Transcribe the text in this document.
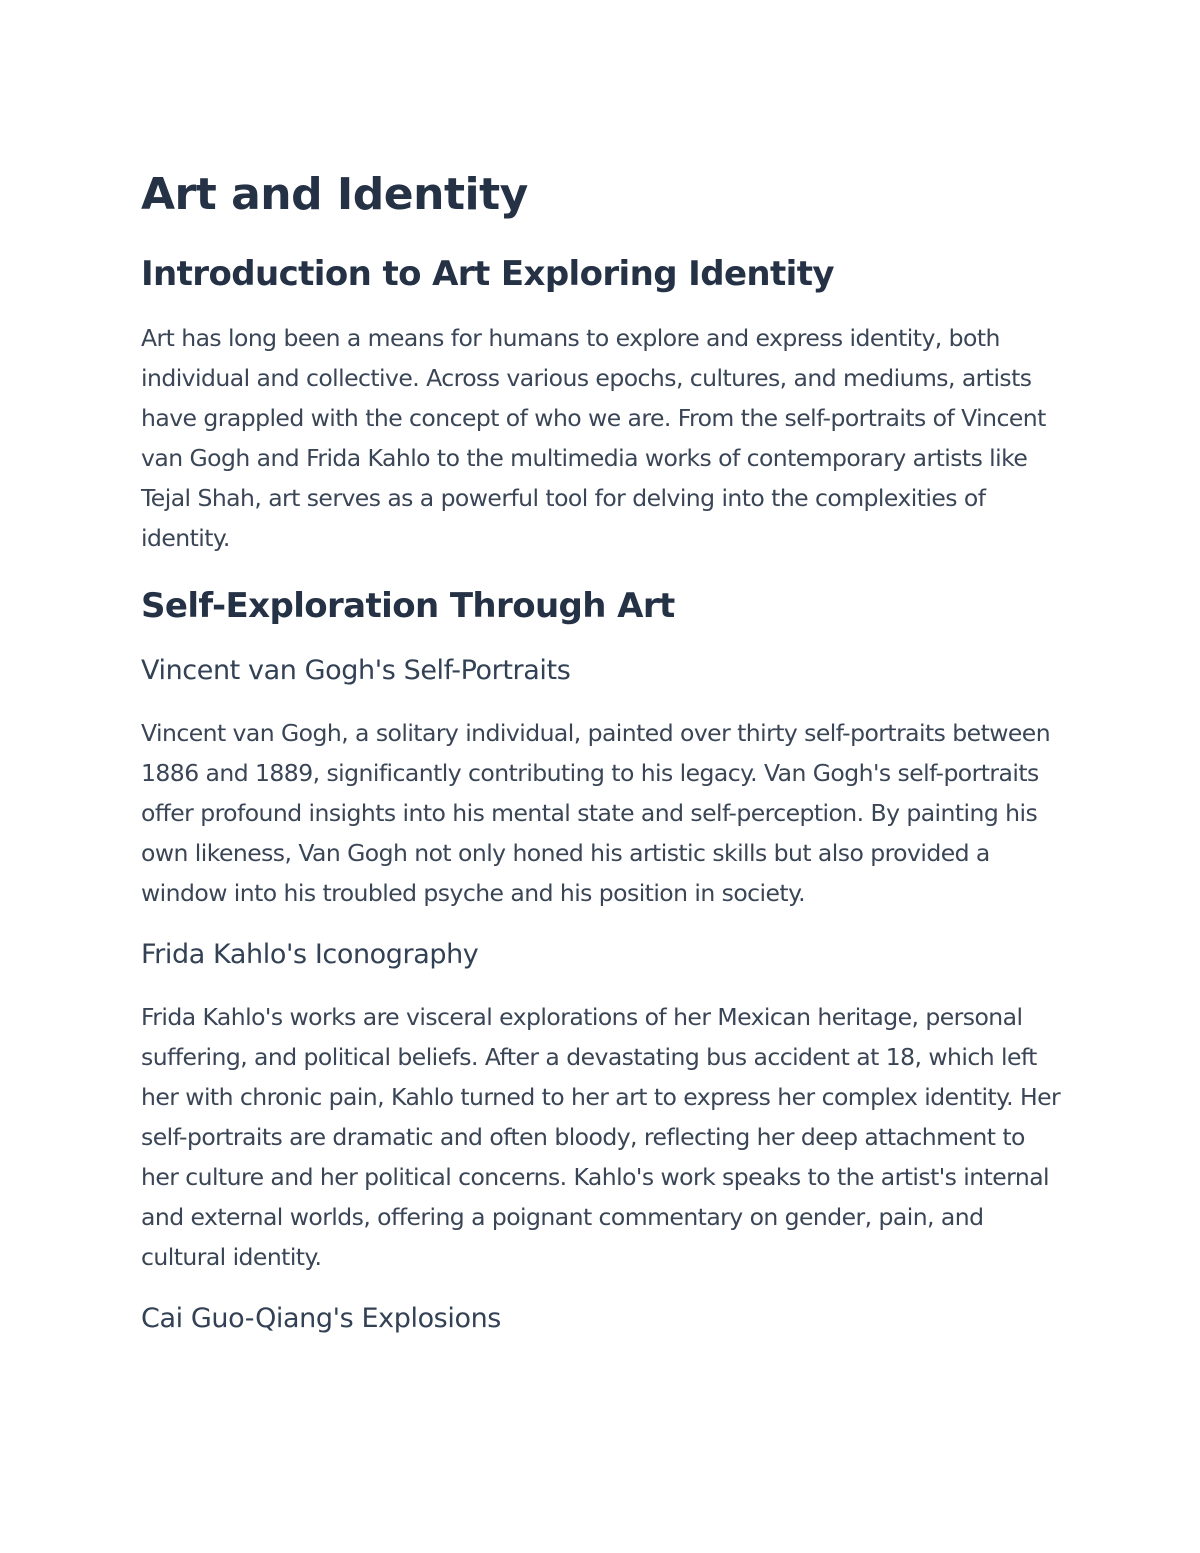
Art and Identity
Introduction to Art Exploring Identity

Art has long been a means for humans to explore and express identity, both individual and collective. Across various epochs, cultures, and mediums, artists have grappled with the concept of who we are. From the self-portraits of Vincent van Gogh and Frida Kahlo to the multimedia works of contemporary artists like Tejal Shah, art serves as a powerful tool for delving into the complexities of identity.

Self-Exploration Through Art
Vincent van Gogh's Self-Portraits

Vincent van Gogh, a solitary individual, painted over thirty self-portraits between 1886 and 1889, significantly contributing to his legacy. Van Gogh's self-portraits offer profound insights into his mental state and self-perception. By painting his own likeness, Van Gogh not only honed his artistic skills but also provided a window into his troubled psyche and his position in society.

Frida Kahlo's Iconography

Frida Kahlo's works are visceral explorations of her Mexican heritage, personal suffering, and political beliefs. After a devastating bus accident at 18, which left her with chronic pain, Kahlo turned to her art to express her complex identity. Her self-portraits are dramatic and often bloody, reflecting her deep attachment to her culture and her political concerns. Kahlo's work speaks to the artist's internal and external worlds, offering a poignant commentary on gender, pain, and cultural identity.

Cai Guo-Qiang's Explosions
